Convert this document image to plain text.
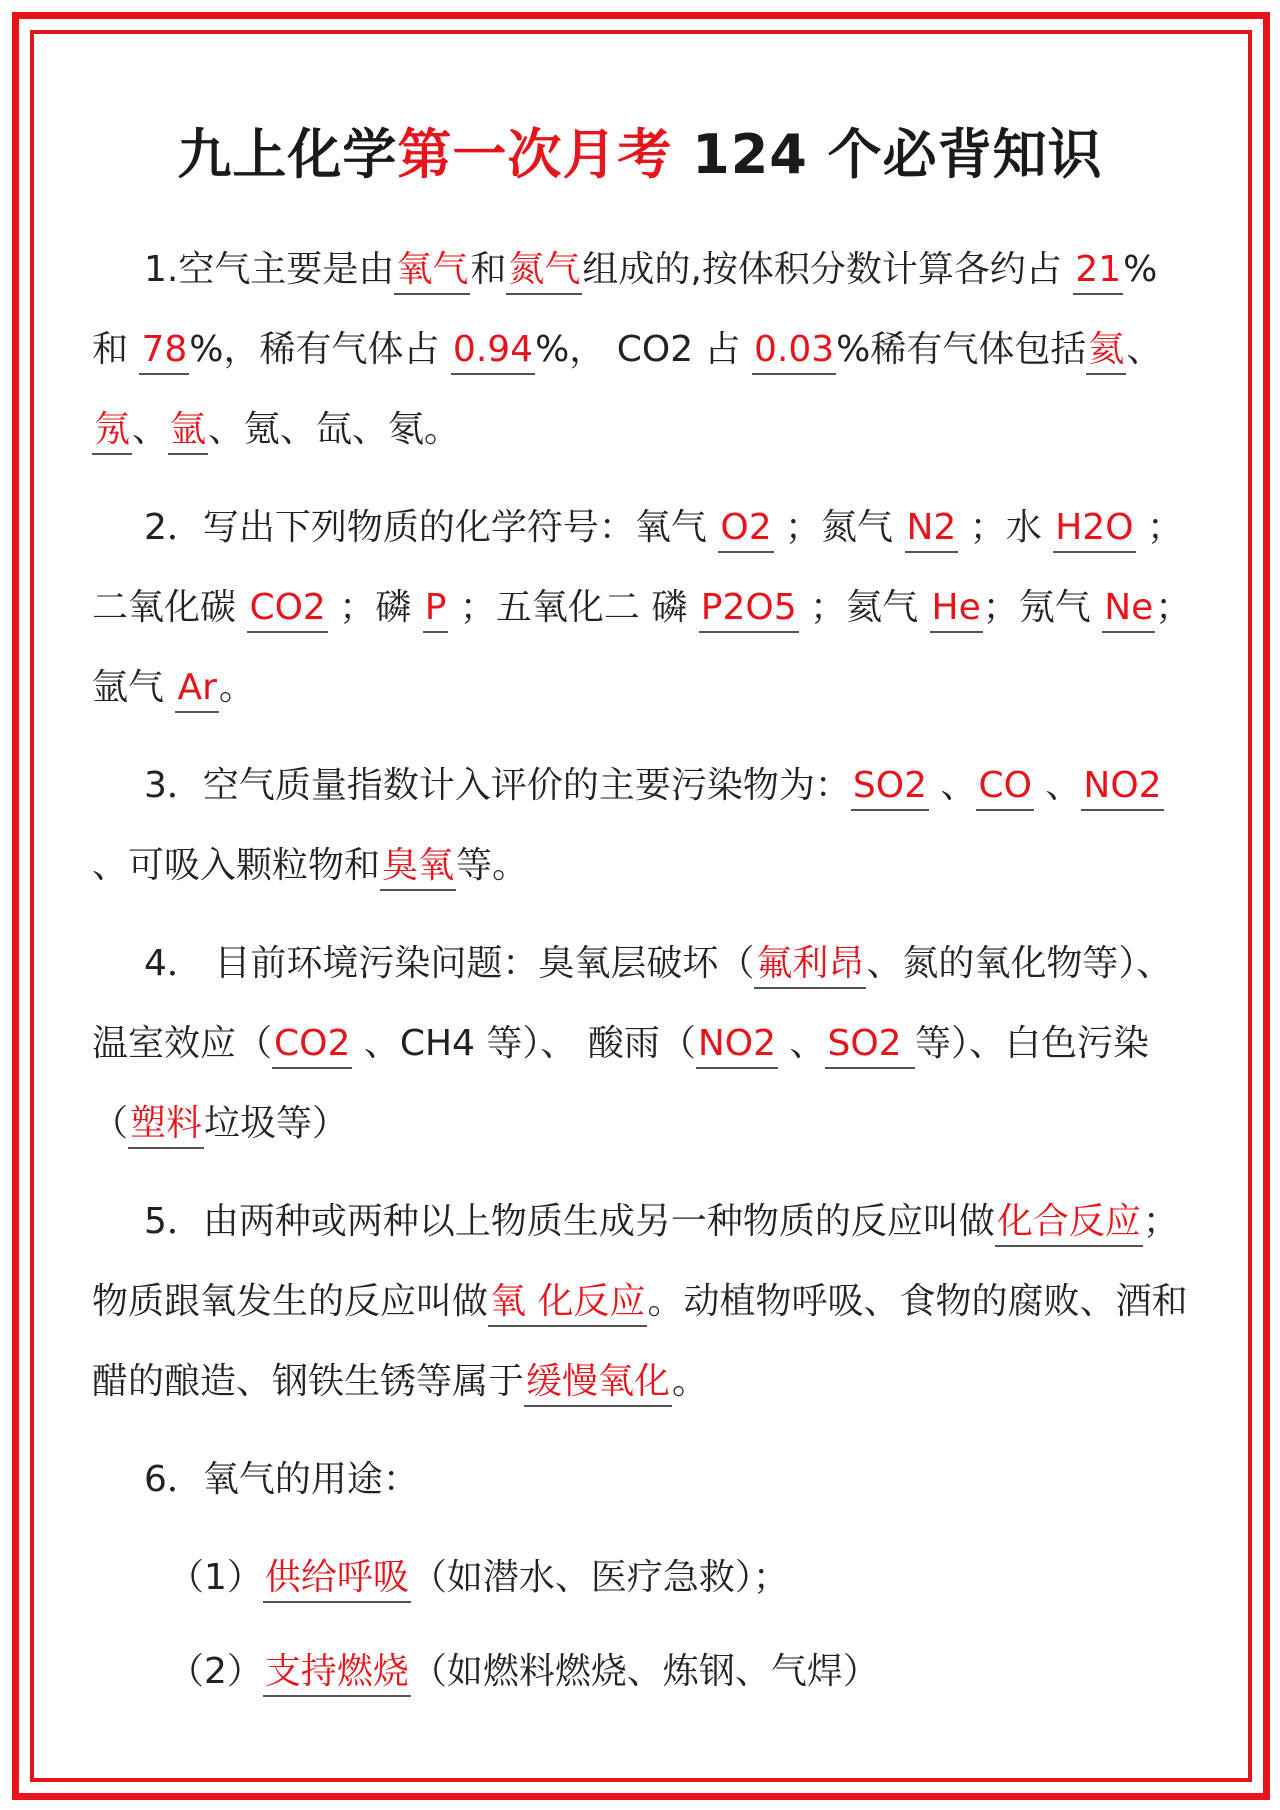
九上化学第一次月考 124 个必背知识

1.空气主要是由氧气和氮气组成的,按体积分数计算各约占 21%和 78%，稀有气体占 0.94%， CO2 占 0.03%稀有气体包括氦、氖、氩、氪、氙、氡。

2．写出下列物质的化学符号：氧气 O2 ；氮气 N2 ；水 H2O ；二氧化碳 CO2 ；磷 P ；五氧化二 磷 P2O5 ；氦气 He；氖气 Ne；氩气 Ar。

3．空气质量指数计入评价的主要污染物为：SO2 、CO 、NO2 、可吸入颗粒物和臭氧等。

4． 目前环境污染问题：臭氧层破坏（氟利昂、氮的氧化物等）、温室效应（CO2 、CH4 等）、 酸雨（NO2 、SO2 等）、白色污染（塑料垃圾等）

5．由两种或两种以上物质生成另一种物质的反应叫做化合反应；物质跟氧发生的反应叫做氧 化反应。动植物呼吸、食物的腐败、酒和醋的酿造、钢铁生锈等属于缓慢氧化。

6．氧气的用途：

（1）供给呼吸（如潜水、医疗急救）；

（2）支持燃烧（如燃料燃烧、炼钢、气焊）
